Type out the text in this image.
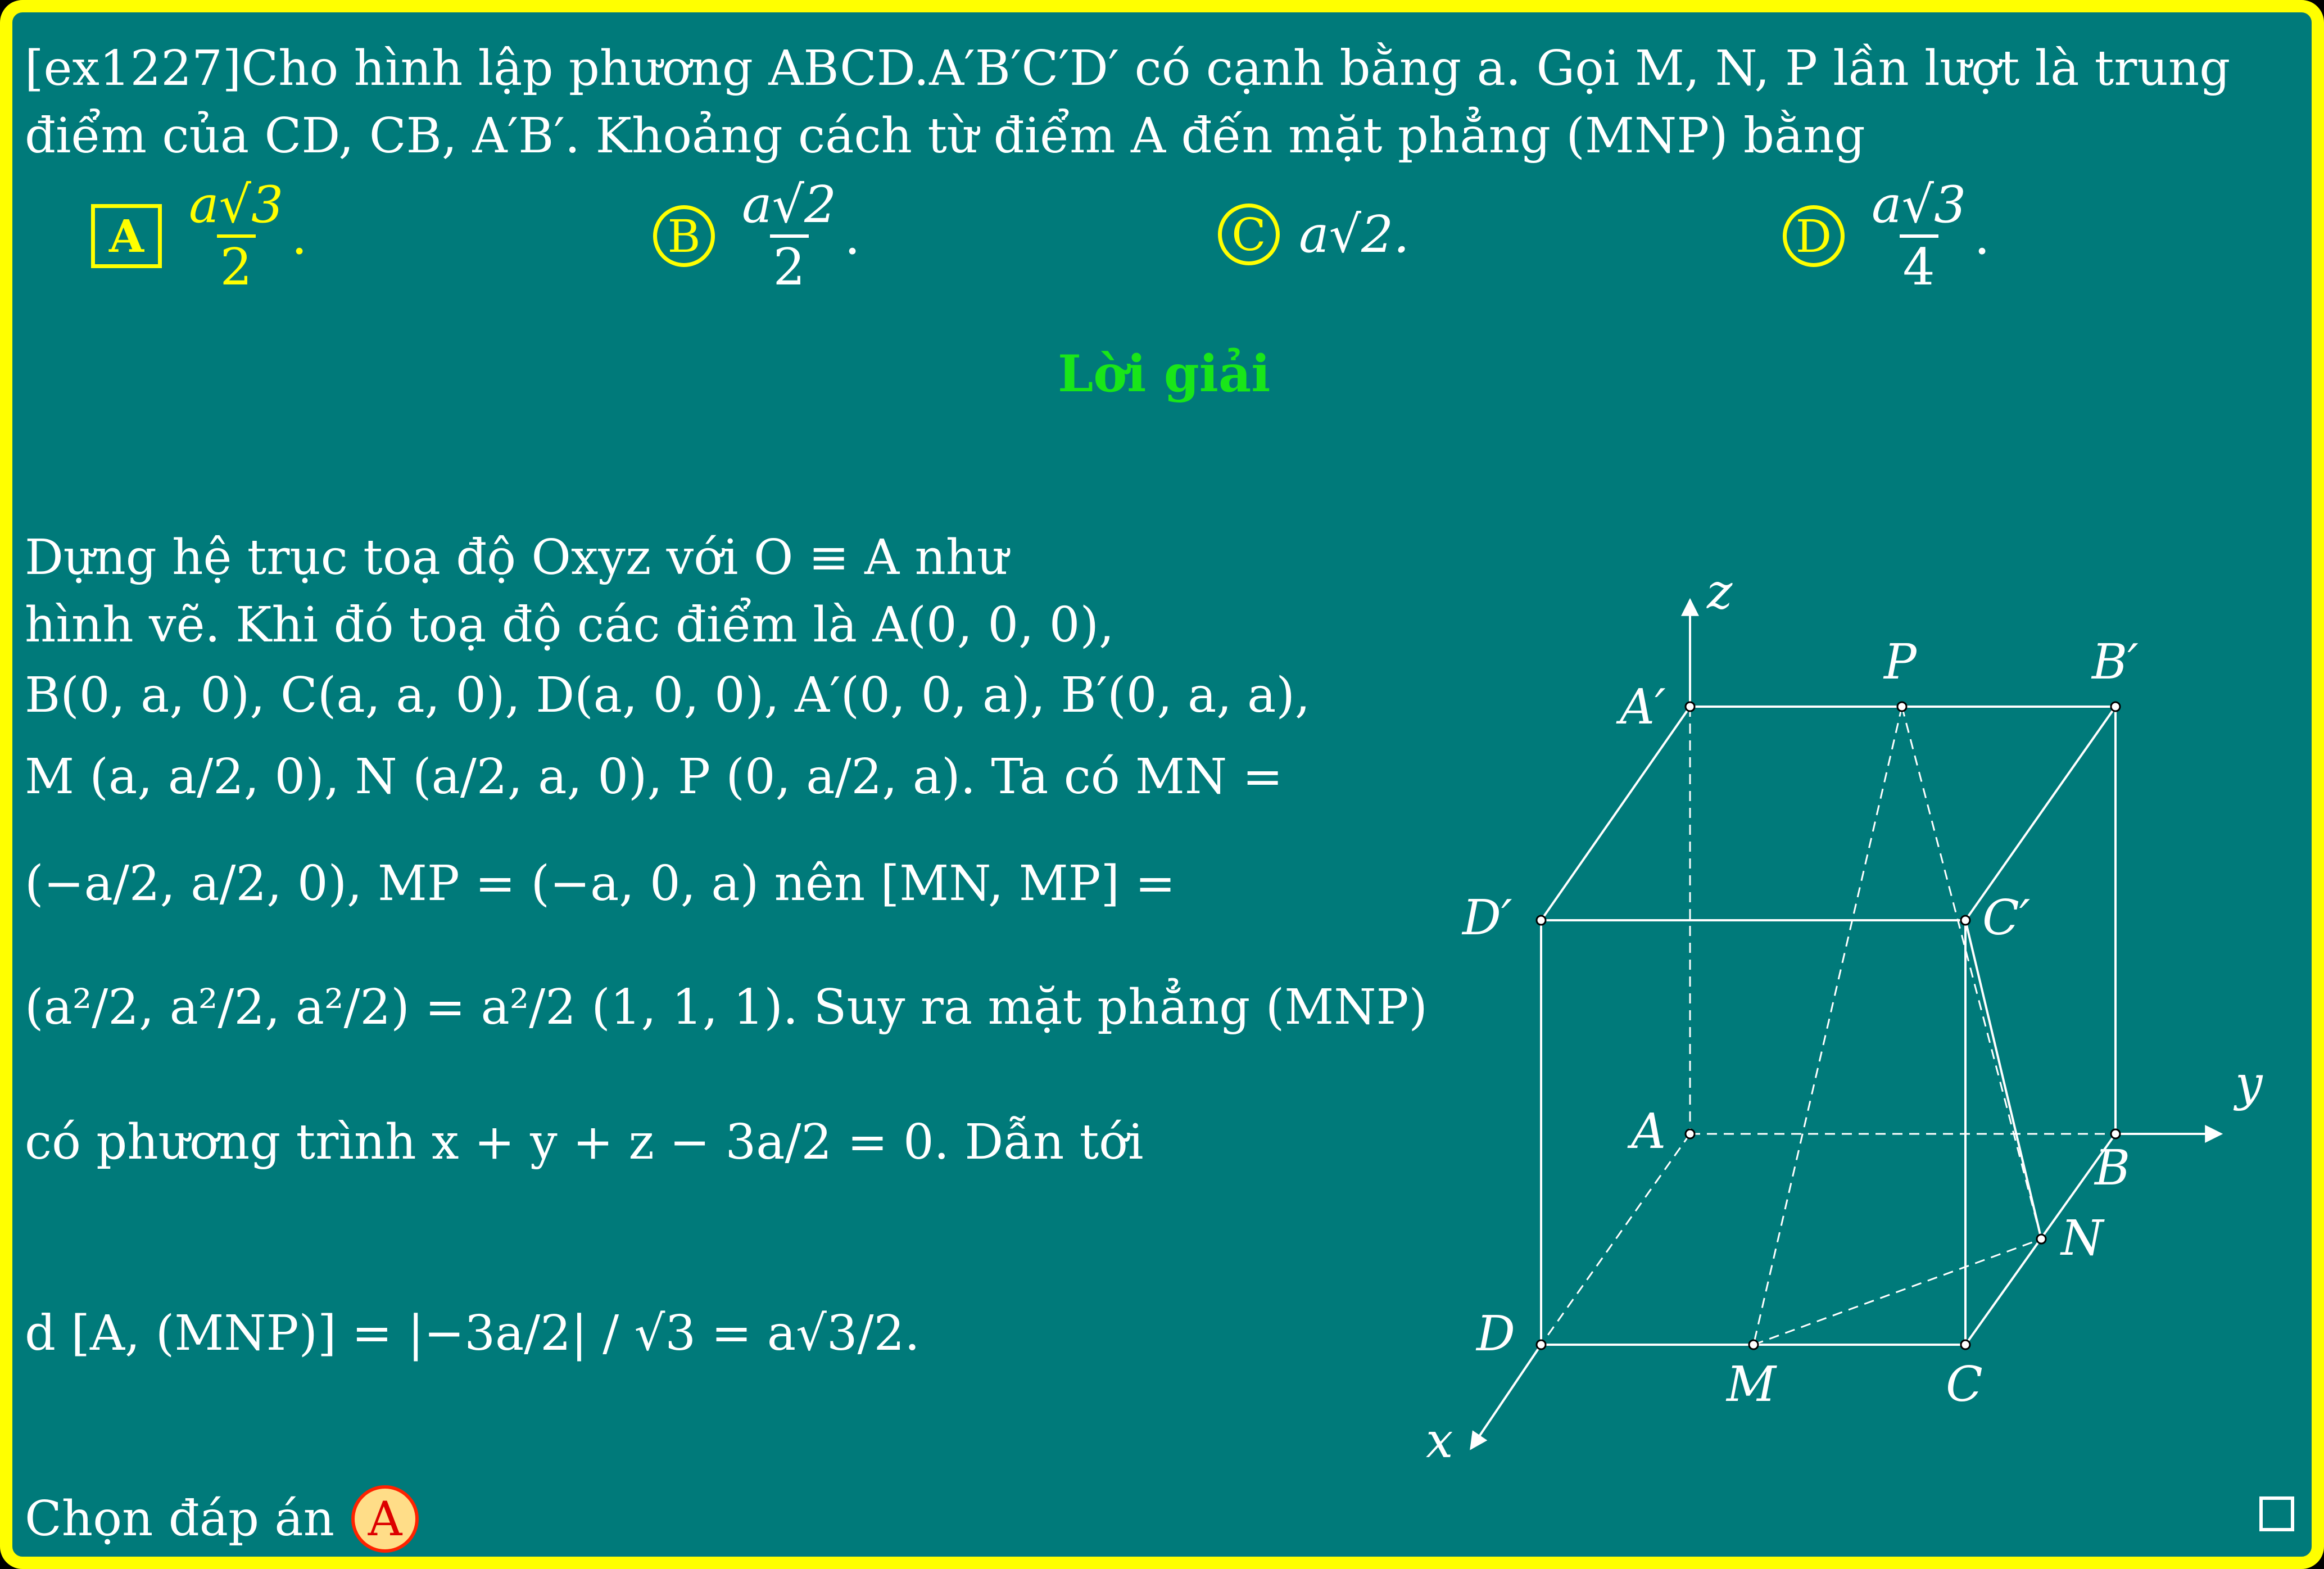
[ex1227]Cho hình lập phương ABCD.A′B′C′D′ có cạnh bằng a. Gọi M, N, P lần lượt là trung
điểm của CD, CB, A′B′. Khoảng cách từ điểm A đến mặt phẳng (MNP) bằng
A $\frac{a√3}{2}$ .	B $\frac{a√2}{2}$ .	C a√2.	D $\frac{a√3}{4}$ .
Lời giải
Dựng hệ trục toạ độ Oxyz với O ≡ A như
hình vẽ. Khi đó toạ độ các điểm là A(0, 0, 0),
B(0, a, 0), C(a, a, 0), D(a, 0, 0), A′(0, 0, a), B′(0, a, a),
M (a, a/2, 0), N (a/2, a, 0), P (0, a/2, a). Ta có MN =
(−a/2, a/2, 0), MP = (−a, 0, a) nên [MN, MP] =
(a²/2, a²/2, a²/2) = a²/2 (1, 1, 1). Suy ra mặt phẳng (MNP)
có phương trình x + y + z − 3a/2 = 0. Dẫn tới
d [A, (MNP)] = |−3a/2| / √3 = a√3/2.
Chọn đáp án A
z
y
x
P	B′
A′
D′	C′
A
B
N
D
M	C
